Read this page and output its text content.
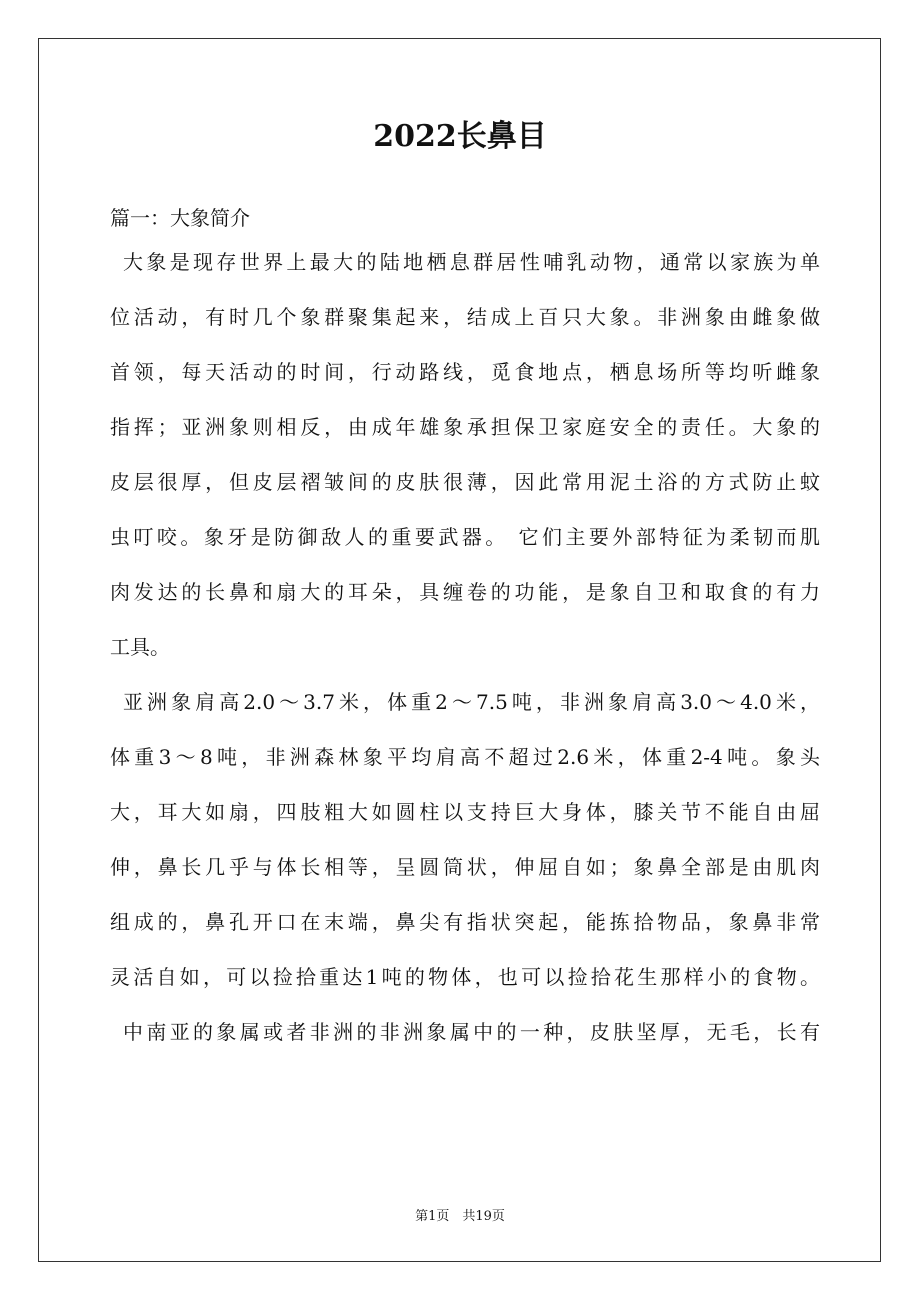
2022长鼻目
篇一：大象简介
大象是现存世界上最大的陆地栖息群居性哺乳动物，通常以家族为单
位活动，有时几个象群聚集起来，结成上百只大象。非洲象由雌象做
首领，每天活动的时间，行动路线，觅食地点，栖息场所等均听雌象
指挥；亚洲象则相反，由成年雄象承担保卫家庭安全的责任。大象的
皮层很厚，但皮层褶皱间的皮肤很薄，因此常用泥土浴的方式防止蚊
虫叮咬。象牙是防御敌人的重要武器。 它们主要外部特征为柔韧而肌
肉发达的长鼻和扇大的耳朵，具缠卷的功能，是象自卫和取食的有力
工具。
亚洲象肩高2.0～3.7米，体重2～7.5吨，非洲象肩高3.0～4.0米，
体重3～8吨，非洲森林象平均肩高不超过2.6米，体重2-4吨。象头
大，耳大如扇，四肢粗大如圆柱以支持巨大身体，膝关节不能自由屈
伸，鼻长几乎与体长相等，呈圆筒状，伸屈自如；象鼻全部是由肌肉
组成的，鼻孔开口在末端，鼻尖有指状突起，能拣拾物品，象鼻非常
灵活自如，可以捡拾重达1吨的物体，也可以捡拾花生那样小的食物。
中南亚的象属或者非洲的非洲象属中的一种，皮肤坚厚，无毛，长有
第1页　共19页
